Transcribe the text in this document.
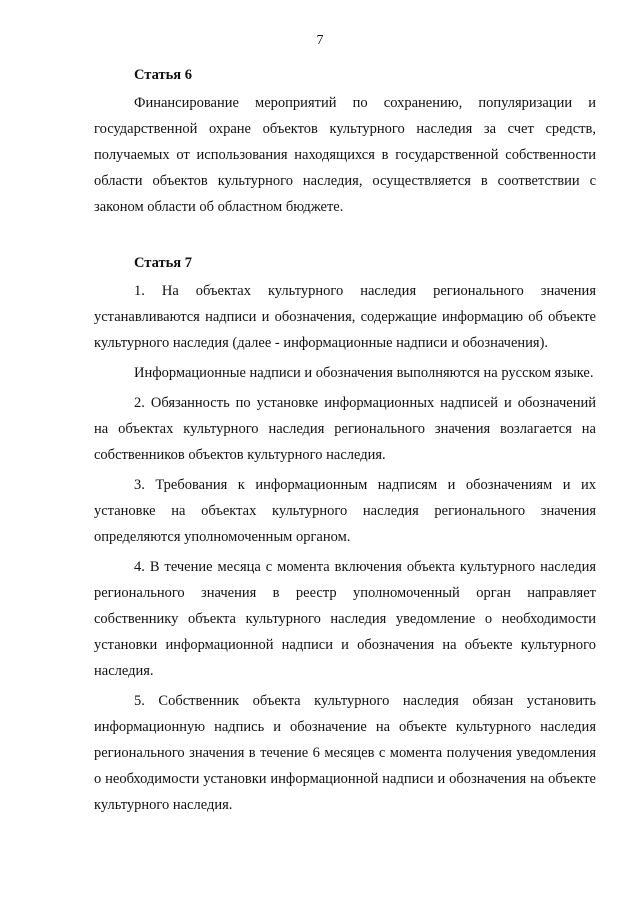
7
Статья 6

Финансирование мероприятий по сохранению, популяризации и государственной охране объектов культурного наследия за счет средств, получаемых от использования находящихся в государственной собственности области объектов культурного наследия, осуществляется в соответствии с законом области об областном бюджете.

Статья 7

1. На объектах культурного наследия регионального значения устанавливаются надписи и обозначения, содержащие информацию об объекте культурного наследия (далее - информационные надписи и обозначения).

Информационные надписи и обозначения выполняются на русском языке.

2. Обязанность по установке информационных надписей и обозначений на объектах культурного наследия регионального значения возлагается на собственников объектов культурного наследия.

3. Требования к информационным надписям и обозначениям и их установке на объектах культурного наследия регионального значения определяются уполномоченным органом.

4. В течение месяца с момента включения объекта культурного наследия регионального значения в реестр уполномоченный орган направляет собственнику объекта культурного наследия уведомление о необходимости установки информационной надписи и обозначения на объекте культурного наследия.

5. Собственник объекта культурного наследия обязан установить информационную надпись и обозначение на объекте культурного наследия регионального значения в течение 6 месяцев с момента получения уведомления о необходимости установки информационной надписи и обозначения на объекте культурного наследия.
